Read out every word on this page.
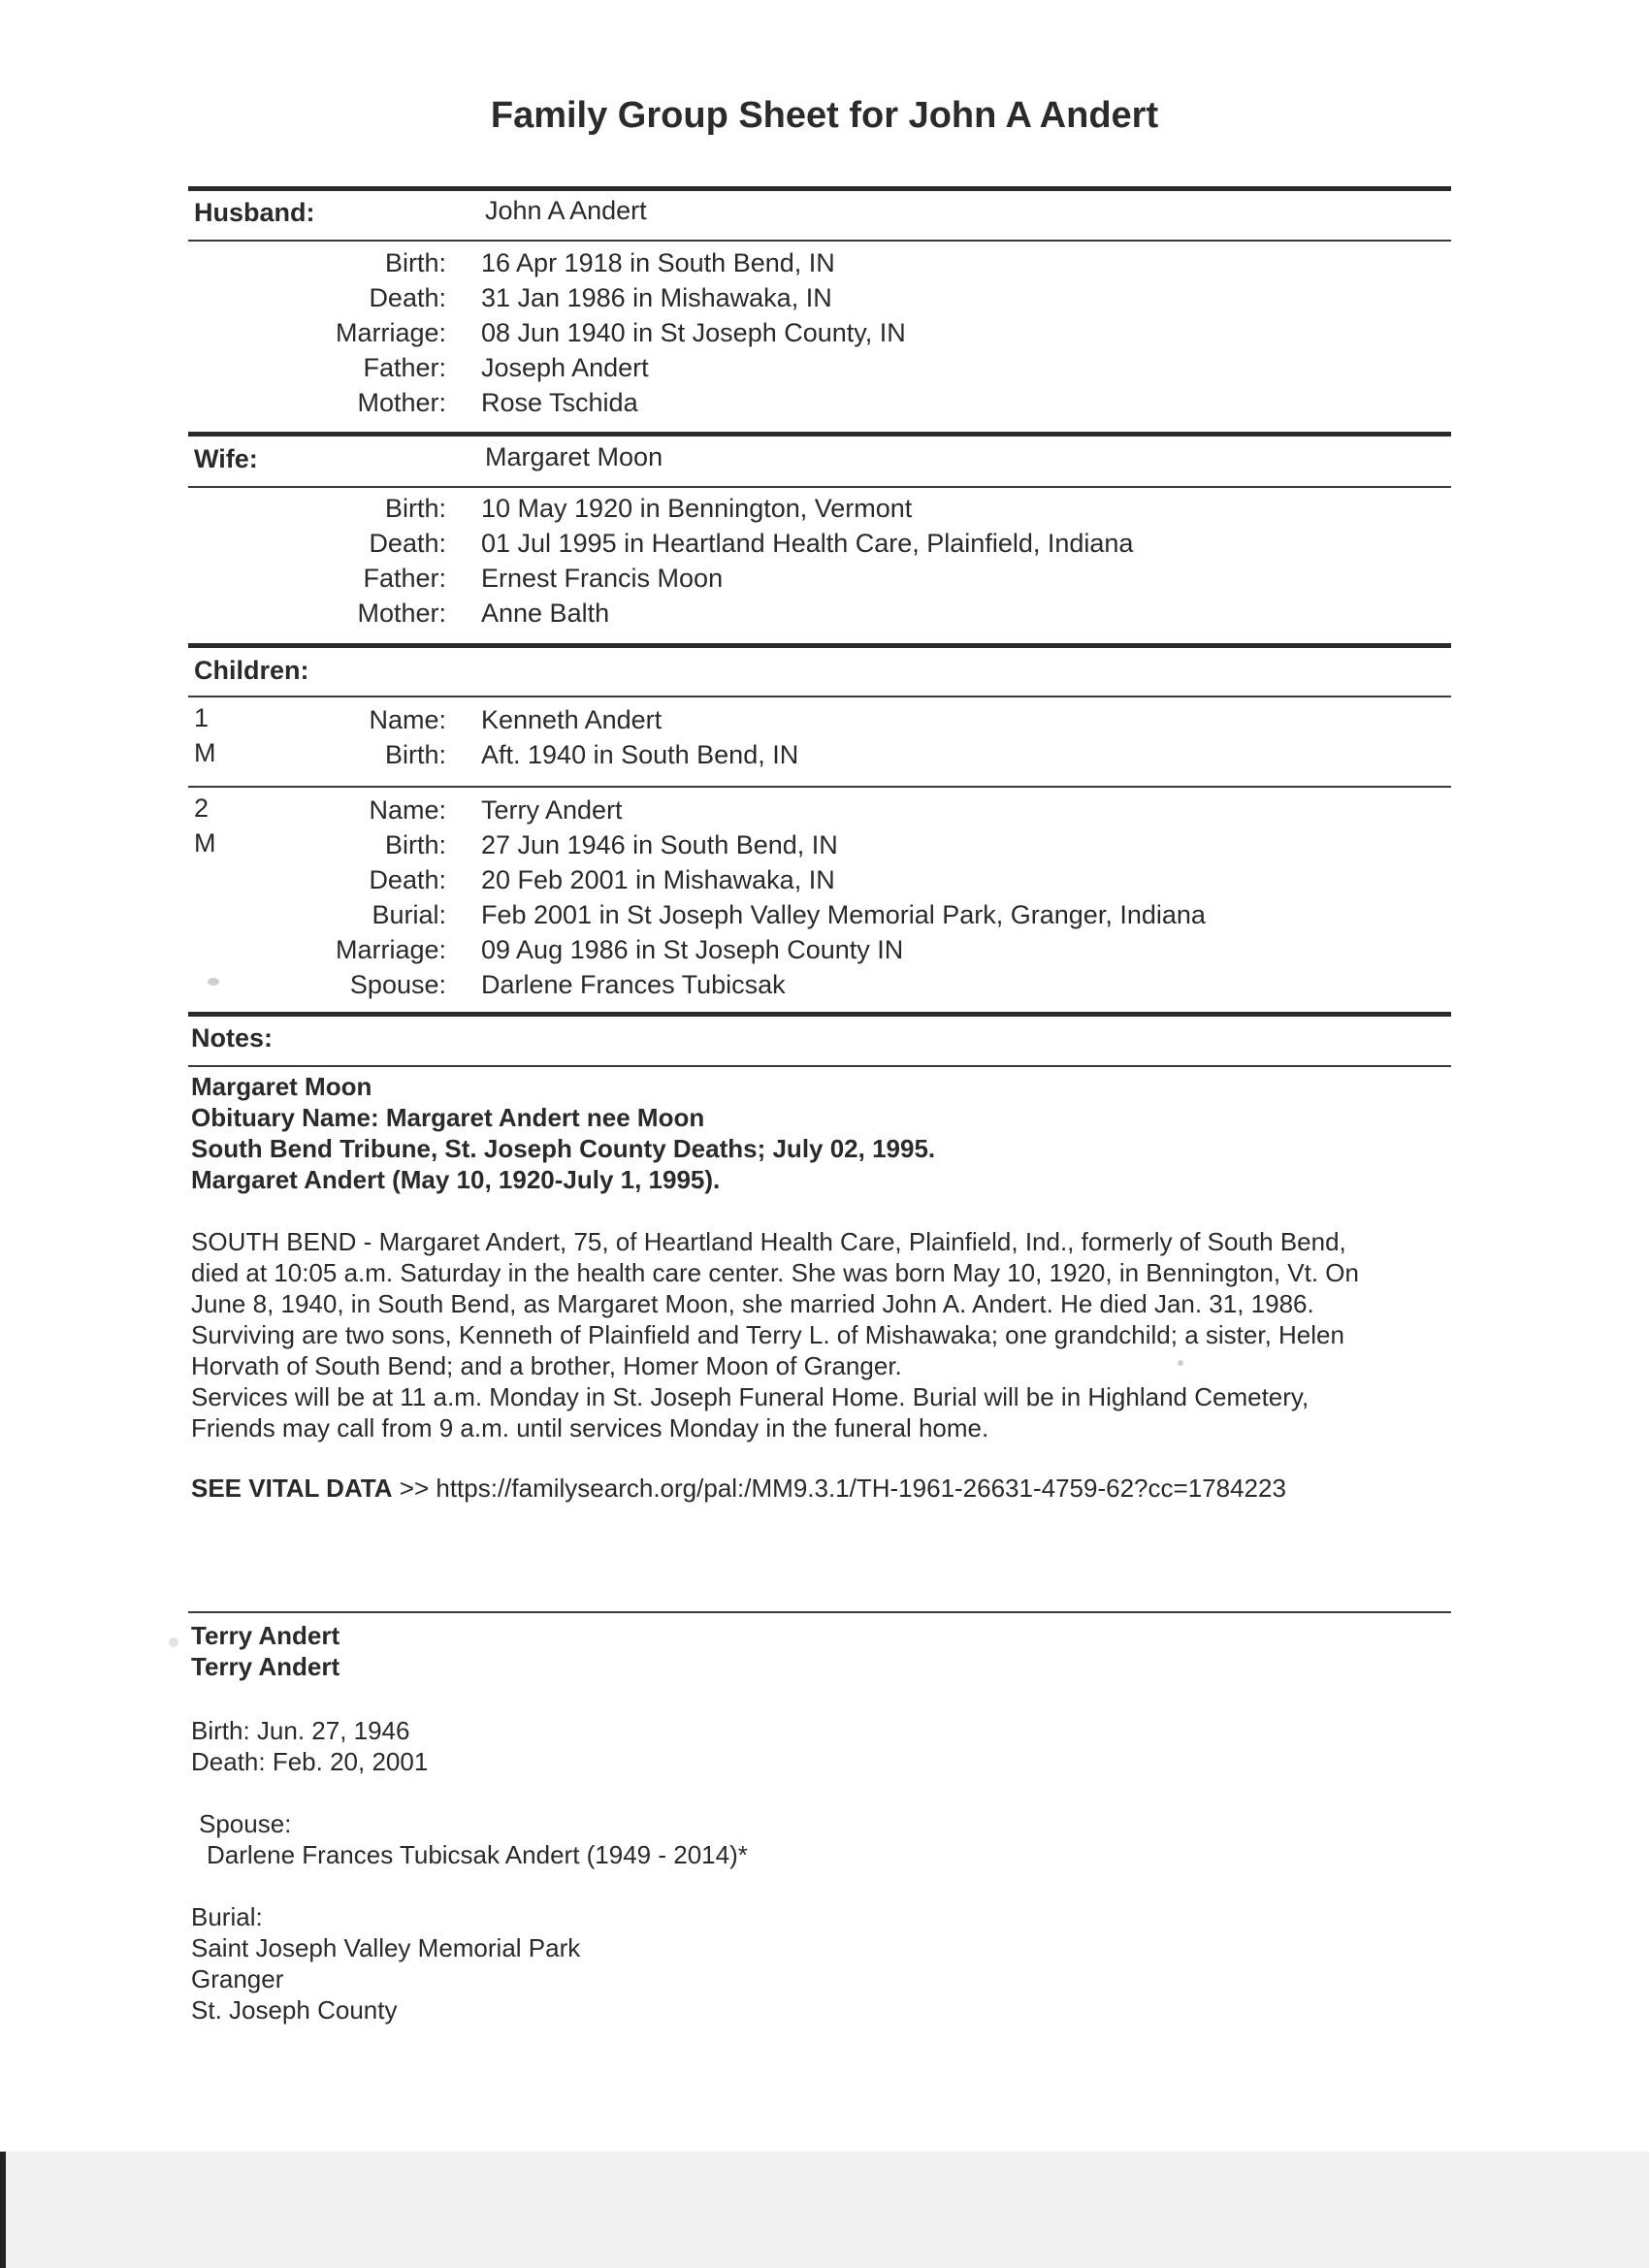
Family Group Sheet for John A Andert
Husband:	John A Andert
Birth: 16 Apr 1918 in South Bend, IN
Death: 31 Jan 1986 in Mishawaka, IN
Marriage: 08 Jun 1940 in St Joseph County, IN
Father: Joseph Andert
Mother: Rose Tschida
Wife:	Margaret Moon
Birth: 10 May 1920 in Bennington, Vermont
Death: 01 Jul 1995 in Heartland Health Care, Plainfield, Indiana
Father: Ernest Francis Moon
Mother: Anne Balth
Children:
1
M
Name: Kenneth Andert
Birth: Aft. 1940 in South Bend, IN
2
M
Name: Terry Andert
Birth: 27 Jun 1946 in South Bend, IN
Death: 20 Feb 2001 in Mishawaka, IN
Burial: Feb 2001 in St Joseph Valley Memorial Park, Granger, Indiana
Marriage: 09 Aug 1986 in St Joseph County IN
Spouse: Darlene Frances Tubicsak
Notes:

Margaret Moon

Obituary Name: Margaret Andert nee Moon

South Bend Tribune, St. Joseph County Deaths; July 02, 1995.

Margaret Andert (May 10, 1920-July 1, 1995).

SOUTH BEND - Margaret Andert, 75, of Heartland Health Care, Plainfield, Ind., formerly of South Bend,

died at 10:05 a.m. Saturday in the health care center. She was born May 10, 1920, in Bennington, Vt. On

June 8, 1940, in South Bend, as Margaret Moon, she married John A. Andert. He died Jan. 31, 1986.

Surviving are two sons, Kenneth of Plainfield and Terry L. of Mishawaka; one grandchild; a sister, Helen

Horvath of South Bend; and a brother, Homer Moon of Granger.

Services will be at 11 a.m. Monday in St. Joseph Funeral Home. Burial will be in Highland Cemetery,

Friends may call from 9 a.m. until services Monday in the funeral home.

SEE VITAL DATA >> https://familysearch.org/pal:/MM9.3.1/TH-1961-26631-4759-62?cc=1784223

Terry Andert

Terry Andert

Birth: Jun. 27, 1946

Death: Feb. 20, 2001

Spouse:

Darlene Frances Tubicsak Andert (1949 - 2014)*

Burial:

Saint Joseph Valley Memorial Park

Granger

St. Joseph County
